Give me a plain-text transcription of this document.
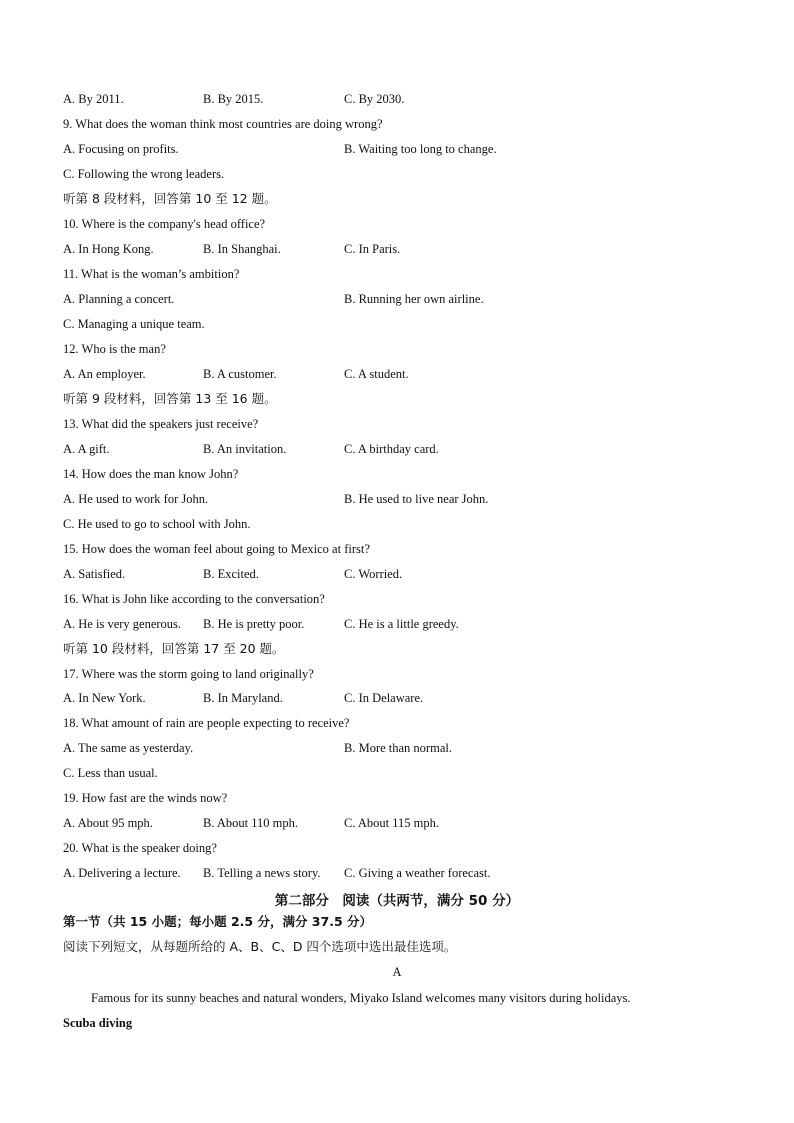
A. By 2011.	B. By 2015.	C. By 2030.
9. What does the woman think most countries are doing wrong?
A. Focusing on profits.	B. Waiting too long to change.
C. Following the wrong leaders.
听第 8 段材料，回答第 10 至 12 题。
10. Where is the company's head office?
A. In Hong Kong.	B. In Shanghai.	C. In Paris.
11. What is the woman’s ambition?
A. Planning a concert.	B. Running her own airline.
C. Managing a unique team.
12. Who is the man?
A. An employer.	B. A customer.	C. A student.
听第 9 段材料，回答第 13 至 16 题。
13. What did the speakers just receive?
A. A gift.	B. An invitation.	C. A birthday card.
14. How does the man know John?
A. He used to work for John.	B. He used to live near John.
C. He used to go to school with John.
15. How does the woman feel about going to Mexico at first?
A. Satisfied.	B. Excited.	C. Worried.
16. What is John like according to the conversation?
A. He is very generous. B. He is pretty poor.	C. He is a little greedy.
听第 10 段材料，回答第 17 至 20 题。
17. Where was the storm going to land originally?
A. In New York.	B. In Maryland.	C. In Delaware.
18. What amount of rain are people expecting to receive?
A. The same as yesterday.	B. More than normal.
C. Less than usual.
19. How fast are the winds now?
A. About 95 mph.	B. About 110 mph.	C. About 115 mph.
20. What is the speaker doing?
A. Delivering a lecture. B. Telling a news story. C. Giving a weather forecast.
第二部分　阅读（共两节，满分 50 分）
第一节（共 15 小题；每小题 2.5 分，满分 37.5 分）
阅读下列短文，从每题所给的 A、B、C、D 四个选项中选出最佳选项。
A
Famous for its sunny beaches and natural wonders, Miyako Island welcomes many visitors during holidays.
Scuba diving
